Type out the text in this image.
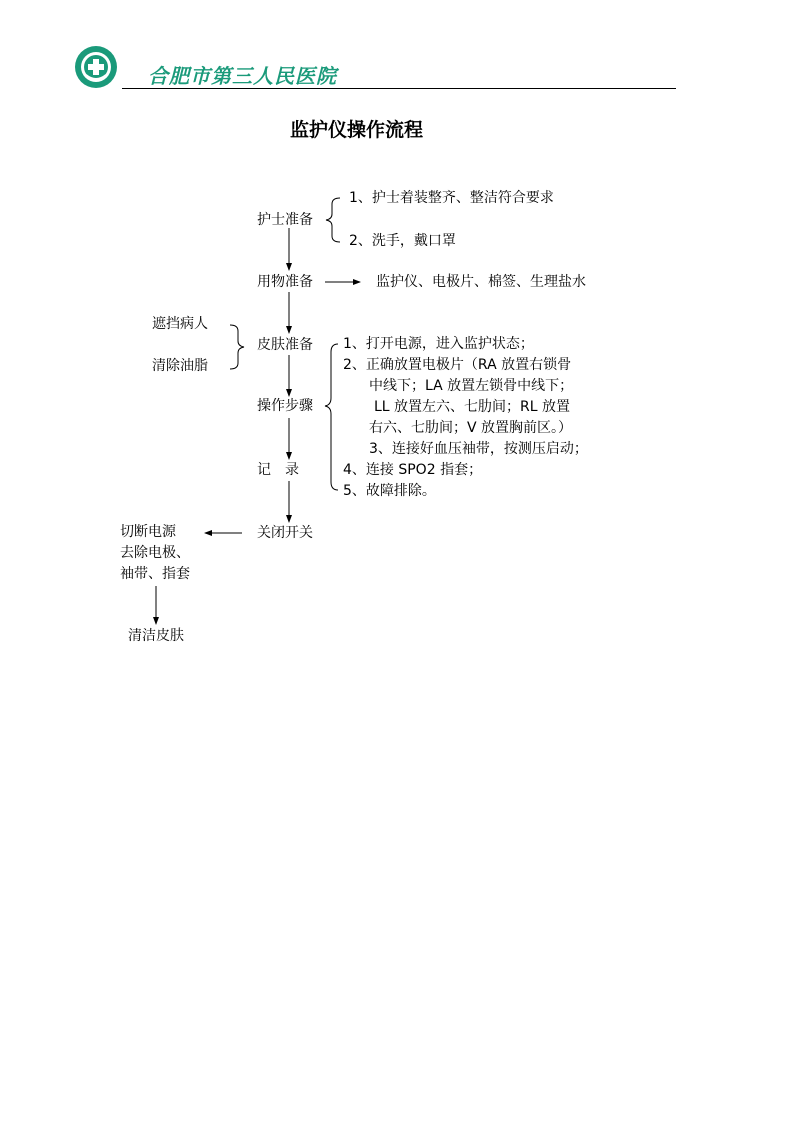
合肥市第三人民医院
监护仪操作流程
护士准备
1、护士着装整齐、整洁符合要求
2、洗手，戴口罩
用物准备	监护仪、电极片、棉签、生理盐水
遮挡病人
清除油脂
皮肤准备
操作步骤
1、打开电源，进入监护状态；
2、正确放置电极片（RA 放置右锁骨
中线下；LA 放置左锁骨中线下；
LL 放置左六、七肋间；RL 放置
右六、七肋间；V 放置胸前区。）
3、连接好血压袖带，按测压启动；
4、连接 SPO2 指套；
5、故障排除。
记　录
关闭开关
切断电源
去除电极、
袖带、指套
清洁皮肤
